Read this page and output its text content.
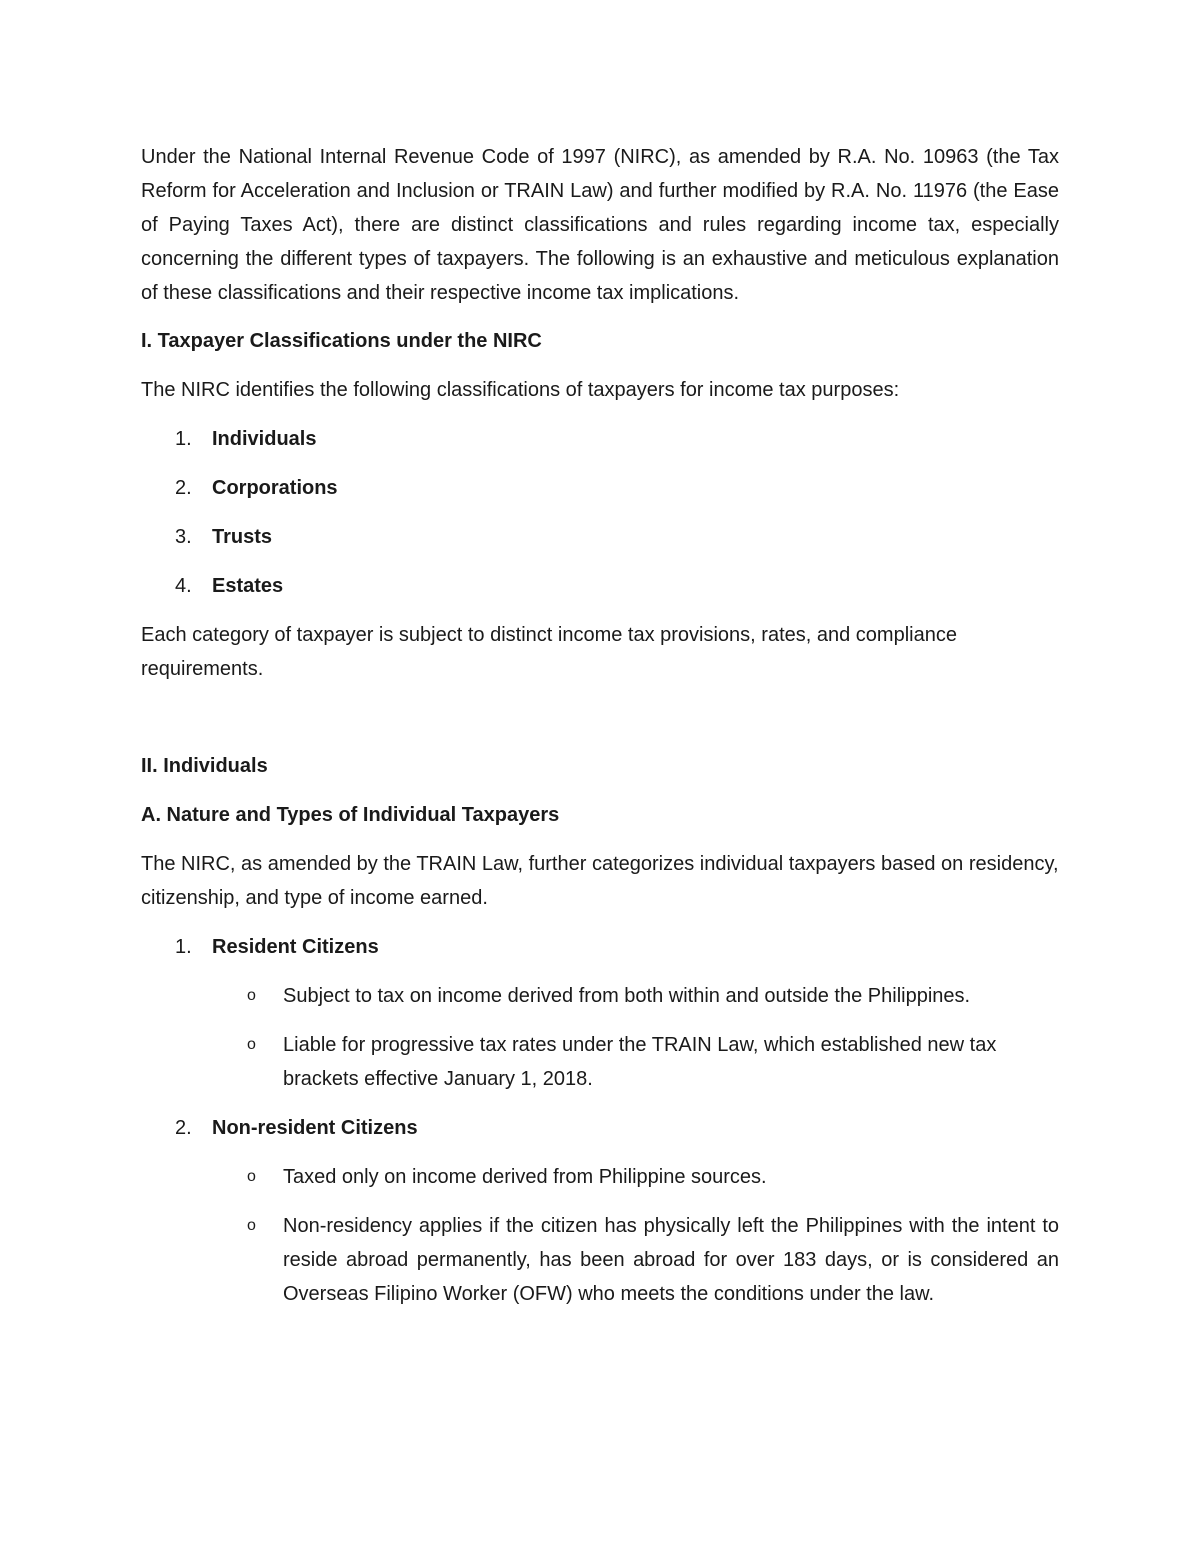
Under the National Internal Revenue Code of 1997 (NIRC), as amended by R.A. No. 10963 (the Tax Reform for Acceleration and Inclusion or TRAIN Law) and further modified by R.A. No. 11976 (the Ease of Paying Taxes Act), there are distinct classifications and rules regarding income tax, especially concerning the different types of taxpayers. The following is an exhaustive and meticulous explanation of these classifications and their respective income tax implications.

I. Taxpayer Classifications under the NIRC

The NIRC identifies the following classifications of taxpayers for income tax purposes:

1. Individuals
2. Corporations
3. Trusts
4. Estates

Each category of taxpayer is subject to distinct income tax provisions, rates, and compliance requirements.

II. Individuals

A. Nature and Types of Individual Taxpayers

The NIRC, as amended by the TRAIN Law, further categorizes individual taxpayers based on residency, citizenship, and type of income earned.

1. Resident Citizens
o Subject to tax on income derived from both within and outside the Philippines.
o Liable for progressive tax rates under the TRAIN Law, which established new tax brackets effective January 1, 2018.
2. Non-resident Citizens
o Taxed only on income derived from Philippine sources.
o Non-residency applies if the citizen has physically left the Philippines with the intent to reside abroad permanently, has been abroad for over 183 days, or is considered an Overseas Filipino Worker (OFW) who meets the conditions under the law.
